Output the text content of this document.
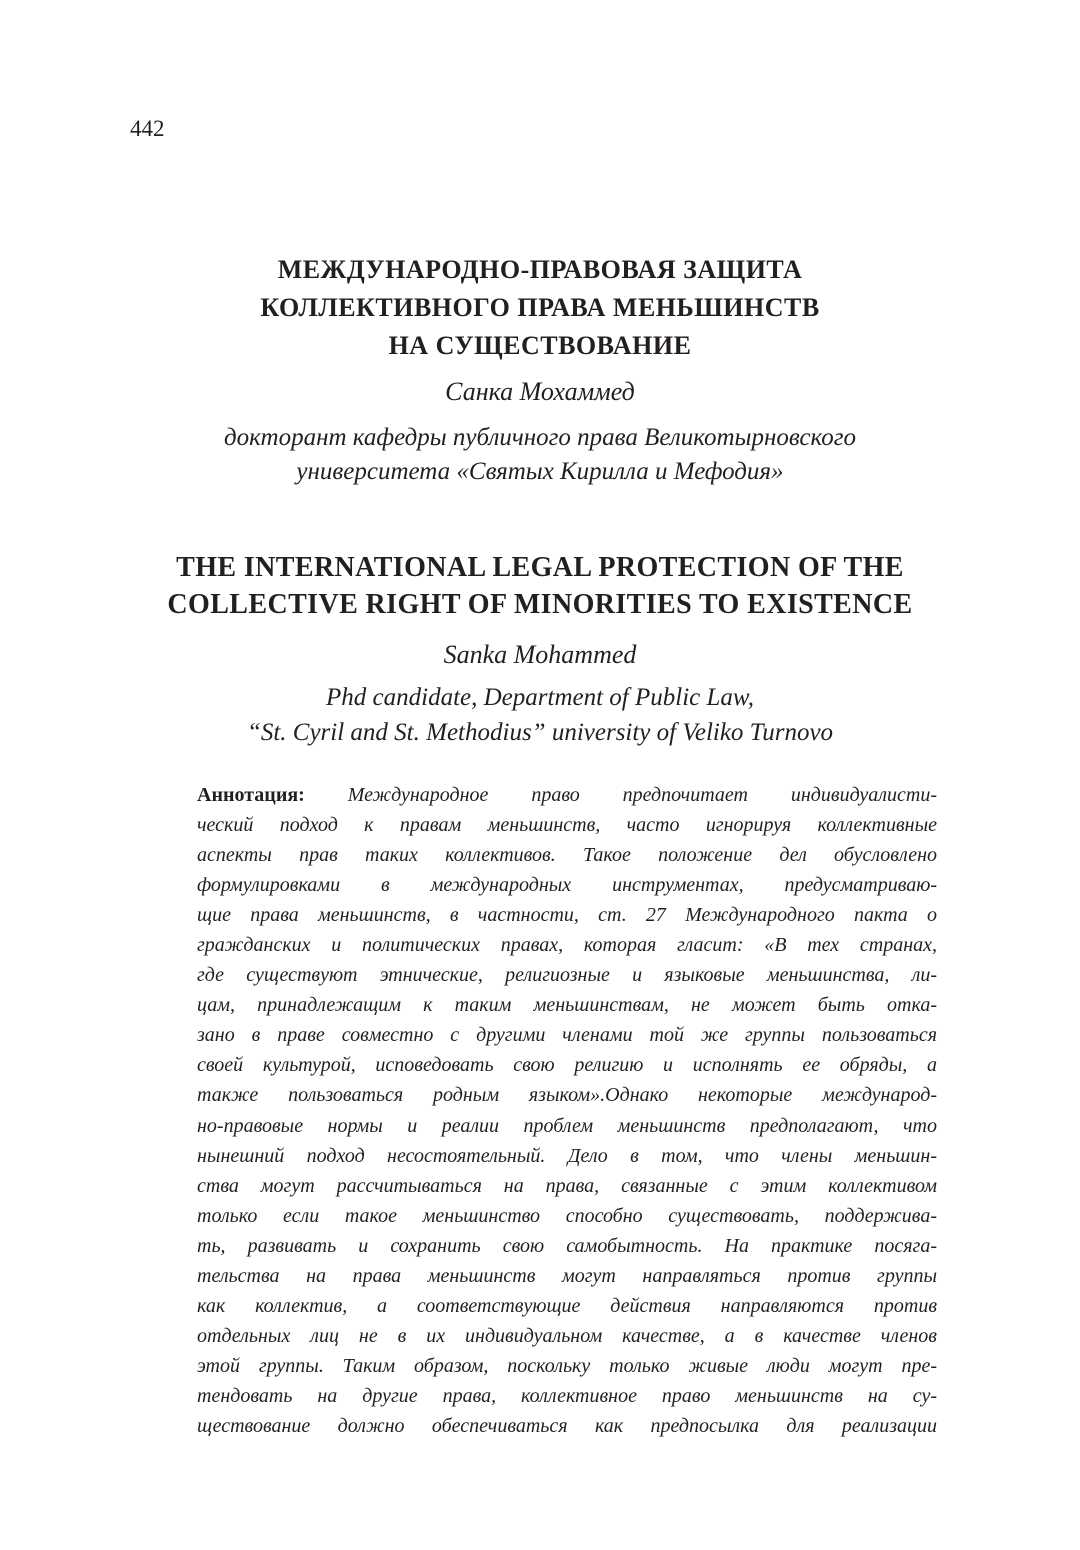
442
МЕЖДУНАРОДНО-ПРАВОВАЯ ЗАЩИТА
КОЛЛЕКТИВНОГО ПРАВА МЕНЬШИНСТВ
НА СУЩЕСТВОВАНИЕ
Санка Мохаммед
докторант кафедры публичного права Великотырновского
университета «Святых Кирилла и Мефодия»
THE INTERNATIONAL LEGAL PROTECTION OF THE
COLLECTIVE RIGHT OF MINORITIES TO EXISTENCE
Sanka Mohammed
Phd candidate, Department of Public Law,
“St. Cyril and St. Methodius” university of Veliko Turnovo
Аннотация: Международное право предпочитает индивидуалисти-
ческий подход к правам меньшинств, часто игнорируя коллективные
аспекты прав таких коллективов. Такое положение дел обусловлено
формулировками в международных инструментах, предусматриваю-
щие права меньшинств, в частности, ст. 27 Международного пакта о
гражданских и политических правах, которая гласит: «В тех странах,
где существуют этнические, религиозные и языковые меньшинства, ли-
цам, принадлежащим к таким меньшинствам, не может быть отка-
зано в праве совместно с другими членами той же группы пользоваться
своей культурой, исповедовать свою религию и исполнять ее обряды, а
также пользоваться родным языком».Однако некоторые международ-
но-правовые нормы и реалии проблем меньшинств предполагают, что
нынешний подход несостоятельный. Дело в том, что члены меньшин-
ства могут рассчитываться на права, связанные с этим коллективом
только если такое меньшинство способно существовать, поддержива-
ть, развивать и сохранить свою самобытность. На практике посяга-
тельства на права меньшинств могут направляться против группы
как коллектив, а соответствующие действия направляются против
отдельных лиц не в их индивидуальном качестве, а в качестве членов
этой группы. Таким образом, поскольку только живые люди могут пре-
тендовать на другие права, коллективное право меньшинств на су-
ществование должно обеспечиваться как предпосылка для реализации
